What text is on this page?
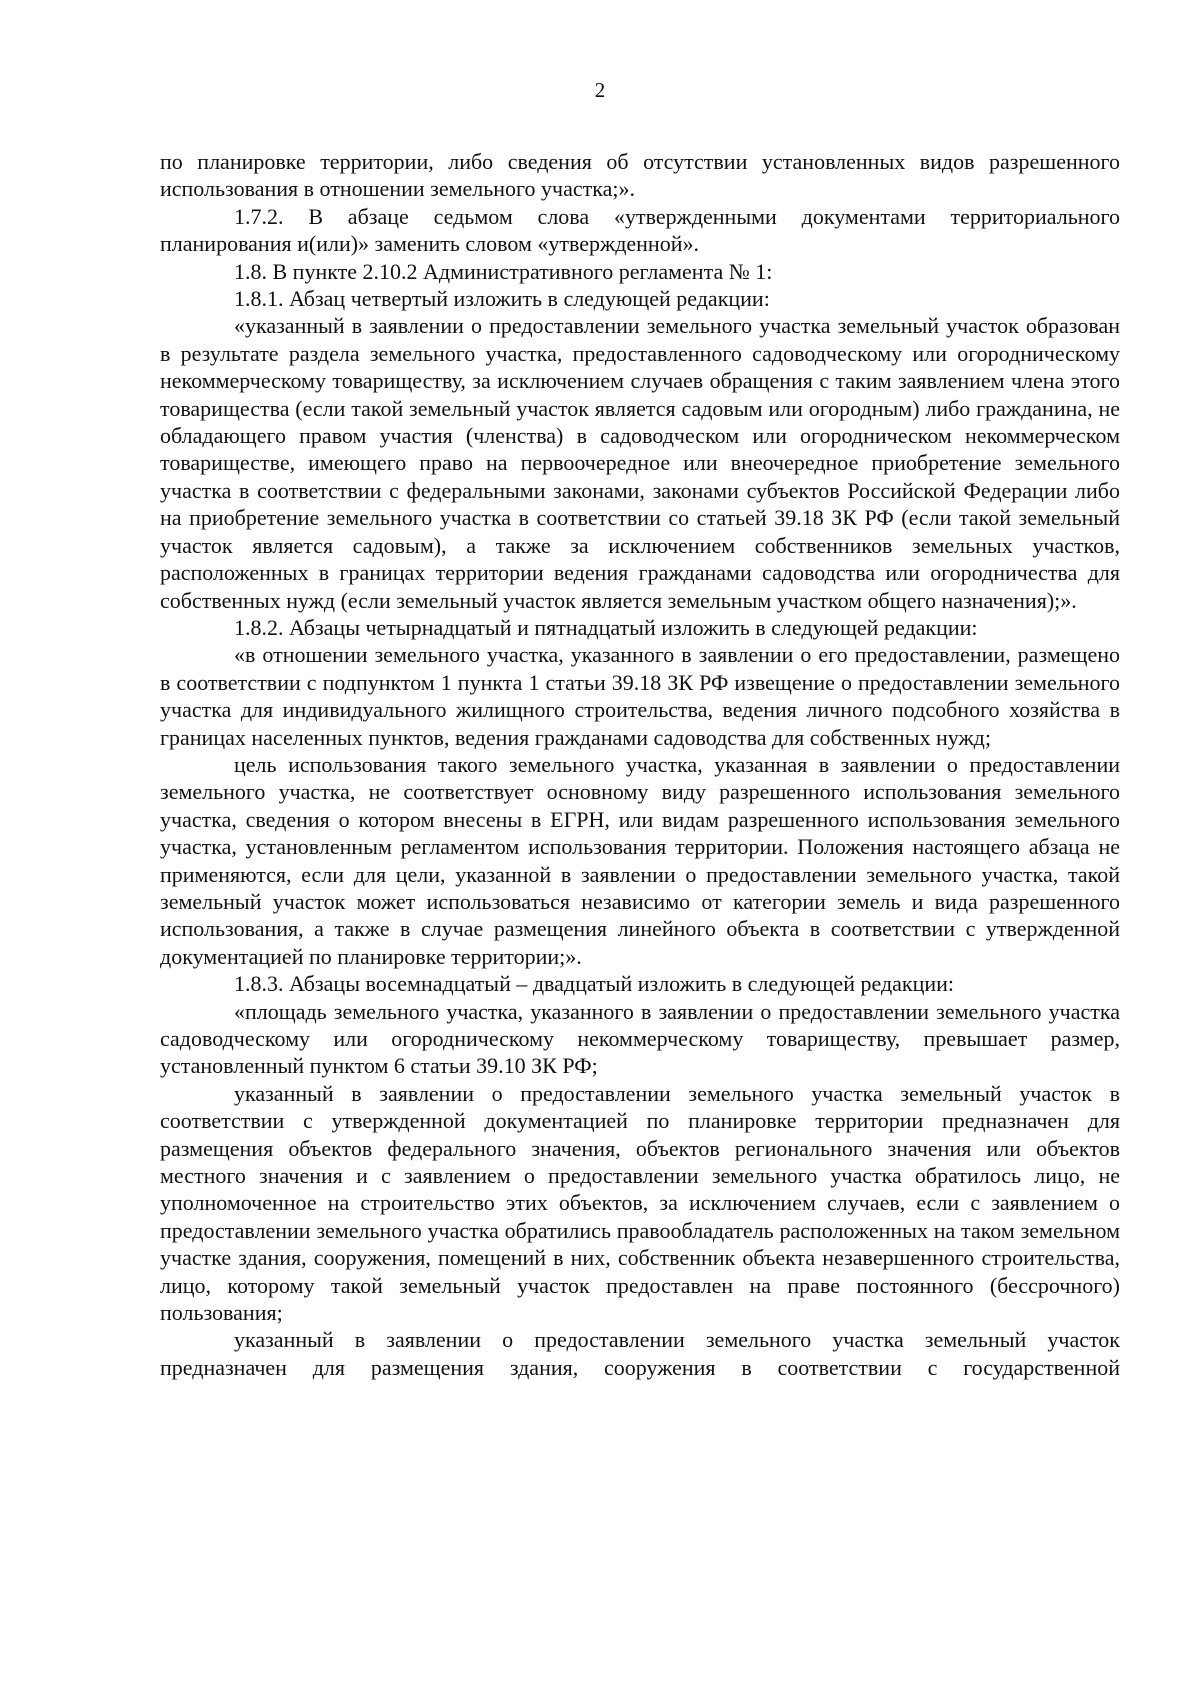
2

по планировке территории, либо сведения об отсутствии установленных видов разрешенного использования в отношении земельного участка;».

1.7.2. В абзаце седьмом слова «утвержденными документами территориального планирования и(или)» заменить словом «утвержденной».

1.8. В пункте 2.10.2 Административного регламента № 1:

1.8.1. Абзац четвертый изложить в следующей редакции:

«указанный в заявлении о предоставлении земельного участка земельный участок образован в результате раздела земельного участка, предоставленного садоводческому или огородническому некоммерческому товариществу, за исключением случаев обращения с таким заявлением члена этого товарищества (если такой земельный участок является садовым или огородным) либо гражданина, не обладающего правом участия (членства) в садоводческом или огородническом некоммерческом товариществе, имеющего право на первоочередное или внеочередное приобретение земельного участка в соответствии с федеральными законами, законами субъектов Российской Федерации либо на приобретение земельного участка в соответствии со статьей 39.18 ЗК РФ (если такой земельный участок является садовым), а также за исключением собственников земельных участков, расположенных в границах территории ведения гражданами садоводства или огородничества для собственных нужд (если земельный участок является земельным участком общего назначения);».

1.8.2. Абзацы четырнадцатый и пятнадцатый изложить в следующей редакции:

«в отношении земельного участка, указанного в заявлении о его предоставлении, размещено в соответствии с подпунктом 1 пункта 1 статьи 39.18 ЗК РФ извещение о предоставлении земельного участка для индивидуального жилищного строительства, ведения личного подсобного хозяйства в границах населенных пунктов, ведения гражданами садоводства для собственных нужд;

цель использования такого земельного участка, указанная в заявлении о предоставлении земельного участка, не соответствует основному виду разрешенного использования земельного участка, сведения о котором внесены в ЕГРН, или видам разрешенного использования земельного участка, установленным регламентом использования территории. Положения настоящего абзаца не применяются, если для цели, указанной в заявлении о предоставлении земельного участка, такой земельный участок может использоваться независимо от категории земель и вида разрешенного использования, а также в случае размещения линейного объекта в соответствии с утвержденной документацией по планировке территории;».

1.8.3. Абзацы восемнадцатый – двадцатый изложить в следующей редакции:

«площадь земельного участка, указанного в заявлении о предоставлении земельного участка садоводческому или огородническому некоммерческому товариществу, превышает размер, установленный пунктом 6 статьи 39.10 ЗК РФ;

указанный в заявлении о предоставлении земельного участка земельный участок в соответствии с утвержденной документацией по планировке территории предназначен для размещения объектов федерального значения, объектов регионального значения или объектов местного значения и с заявлением о предоставлении земельного участка обратилось лицо, не уполномоченное на строительство этих объектов, за исключением случаев, если с заявлением о предоставлении земельного участка обратились правообладатель расположенных на таком земельном участке здания, сооружения, помещений в них, собственник объекта незавершенного строительства, лицо, которому такой земельный участок предоставлен на праве постоянного (бессрочного) пользования;

указанный в заявлении о предоставлении земельного участка земельный участок предназначен для размещения здания, сооружения в соответствии с государственной
